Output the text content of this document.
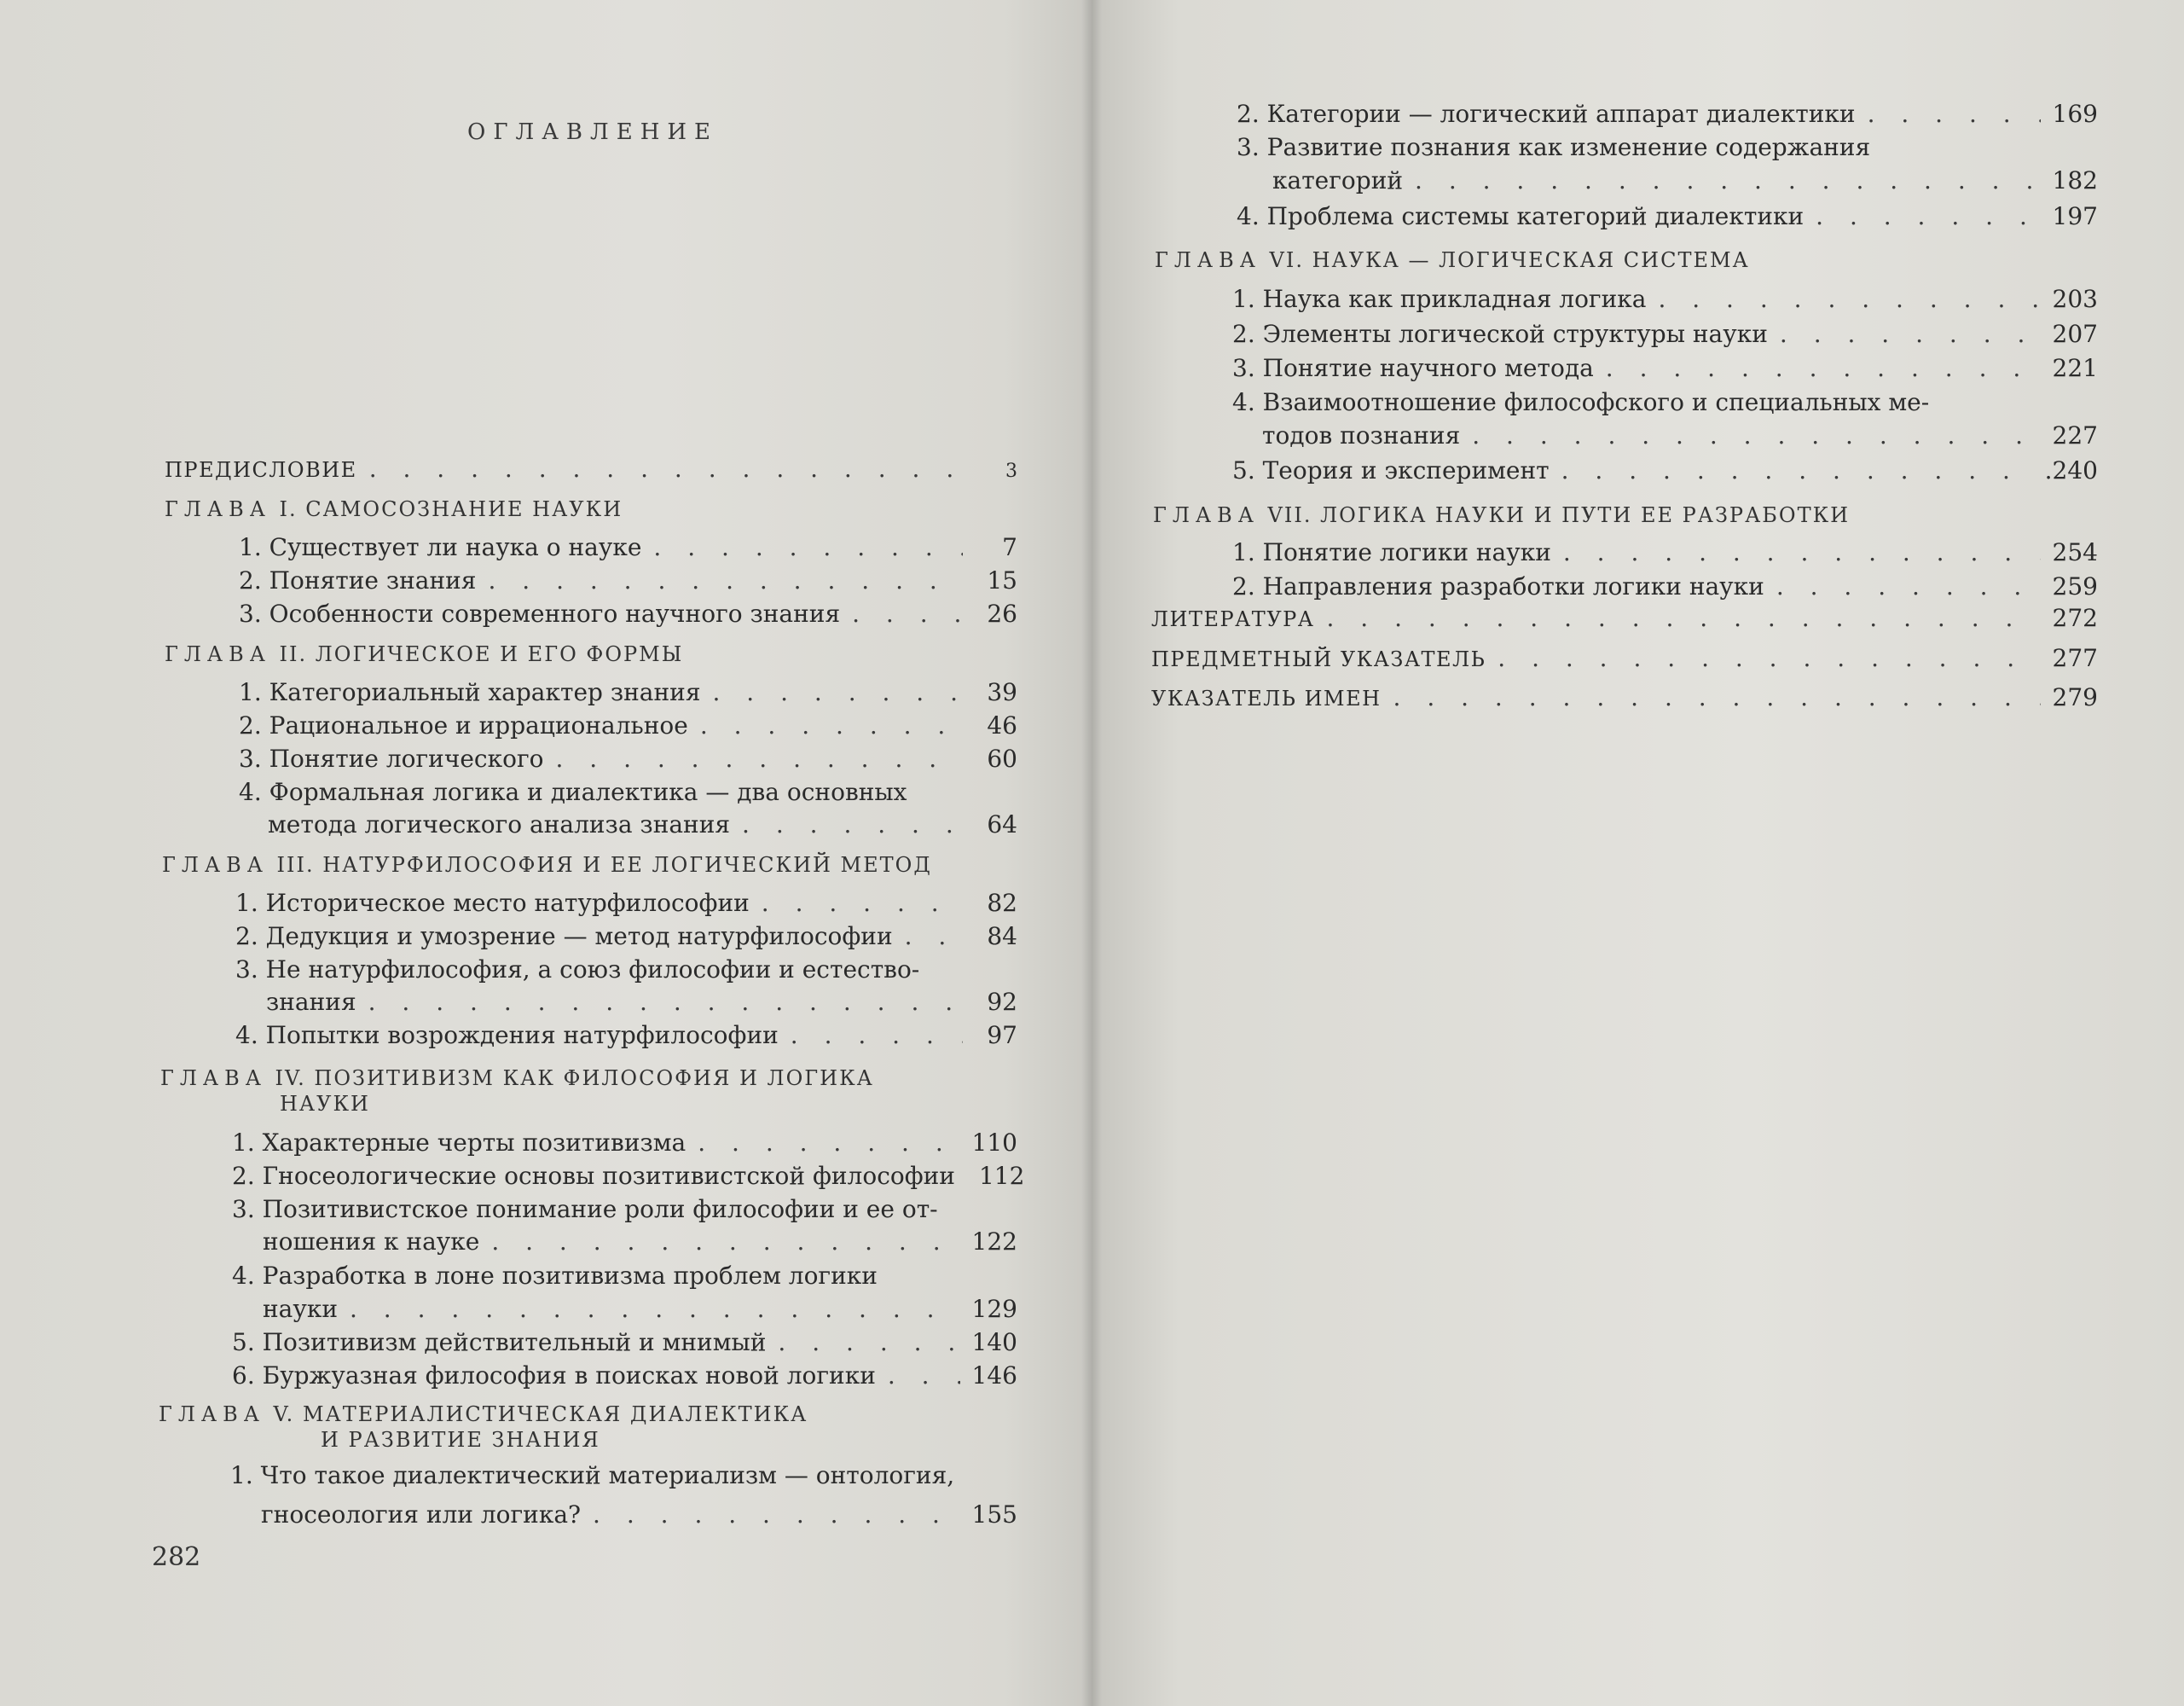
ОГЛАВЛЕНИЕ
ПРЕДИСЛОВИЕ . . .	3
ГЛАВА I. САМОСОЗНАНИЕ НАУКИ
1. Существует ли наука о науке . . .	7
2. Понятие знания . . .	15
3. Особенности современного научного знания . . .	26
ГЛАВА II. ЛОГИЧЕСКОЕ И ЕГО ФОРМЫ
1. Категориальный характер знания . . .	39
2. Рациональное и иррациональное . . .	46
3. Понятие логического . . .	60
4. Формальная логика и диалектика — два основных
метода логического анализа знания . . .	64
ГЛАВА III. НАТУРФИЛОСОФИЯ И ЕЕ ЛОГИЧЕСКИЙ МЕТОД
1. Историческое место натурфилософии . . .	82
2. Дедукция и умозрение — метод натурфилософии . . .	84
3. Не натурфилософия, а союз философии и естество-
знания . . .	92
4. Попытки возрождения натурфилософии . . .	97
ГЛАВА IV. ПОЗИТИВИЗМ КАК ФИЛОСОФИЯ И ЛОГИКА
НАУКИ
1. Характерные черты позитивизма . . .	110
2. Гносеологические основы позитивистской философии 112
3. Позитивистское понимание роли философии и ее от-
ношения к науке . . .	122
4. Разработка в лоне позитивизма проблем логики
науки . . .	129
5. Позитивизм действительный и мнимый . . .	140
6. Буржуазная философия в поисках новой логики . . .	146
ГЛАВА V. МАТЕРИАЛИСТИЧЕСКАЯ ДИАЛЕКТИКА
И РАЗВИТИЕ ЗНАНИЯ
1. Что такое диалектический материализм — онтология,
гносеология или логика? . . .	155
282
2. Категории — логический аппарат диалектики . . .	169
3. Развитие познания как изменение содержания
категорий . . .	182
4. Проблема системы категорий диалектики . . .	197
ГЛАВА VI. НАУКА — ЛОГИЧЕСКАЯ СИСТЕМА
1. Наука как прикладная логика . . .	203
2. Элементы логической структуры науки . . .	207
3. Понятие научного метода . . .	221
4. Взаимоотношение философского и специальных ме-
тодов познания . . .	227
5. Теория и эксперимент . . .	.240
ГЛАВА VII. ЛОГИКА НАУКИ И ПУТИ ЕЕ РАЗРАБОТКИ
1. Понятие логики науки . . .	254
2. Направления разработки логики науки . . .	259
ЛИТЕРАТУРА . . .	272
ПРЕДМЕТНЫЙ УКАЗАТЕЛЬ . . .	277
УКАЗАТЕЛЬ ИМЕН . . .	279
